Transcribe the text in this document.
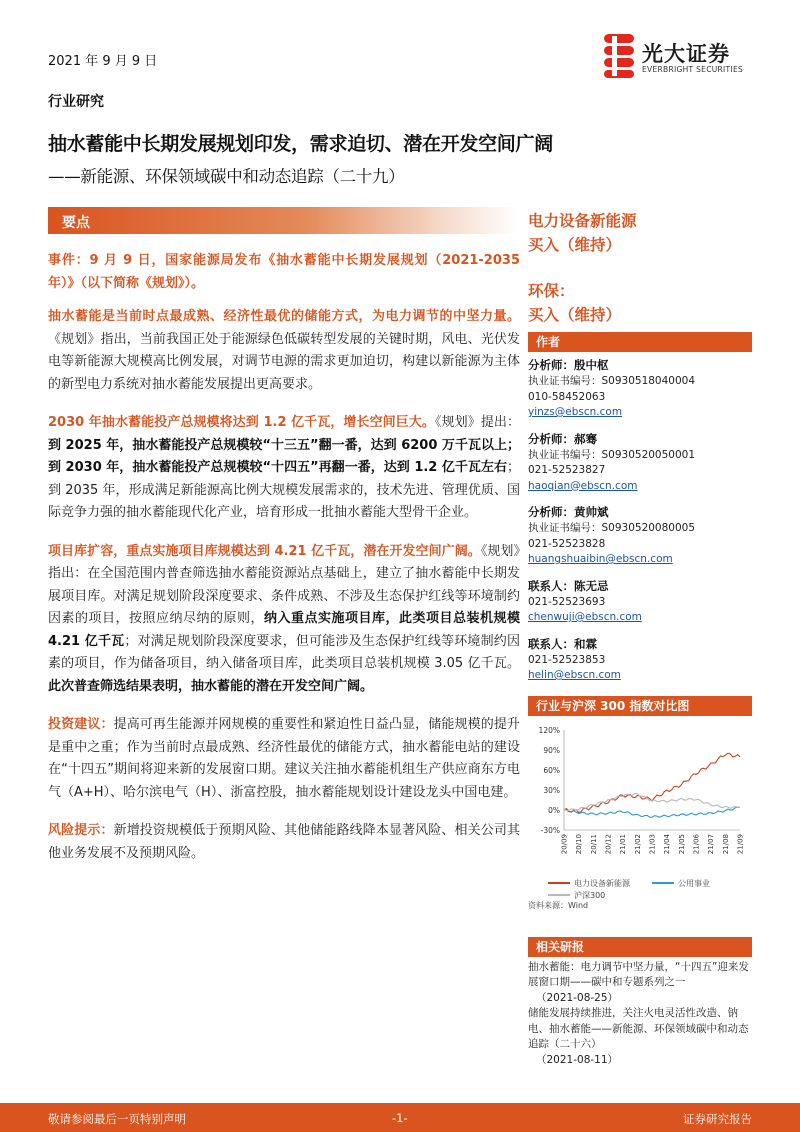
2021 年 9 月 9 日	光大证券
EVERBRIGHT SECURITIES
行业研究
抽水蓄能中长期发展规划印发，需求迫切、潜在开发空间广阔
——新能源、环保领域碳中和动态追踪（二十九）
要点

事件：9 月 9 日，国家能源局发布《抽水蓄能中长期发展规划（2021-2035 年）》（以下简称《规划》）。

抽水蓄能是当前时点最成熟、经济性最优的储能方式，为电力调节的中坚力量。《规划》指出，当前我国正处于能源绿色低碳转型发展的关键时期，风电、光伏发电等新能源大规模高比例发展，对调节电源的需求更加迫切，构建以新能源为主体的新型电力系统对抽水蓄能发展提出更高要求。

2030 年抽水蓄能投产总规模将达到 1.2 亿千瓦，增长空间巨大。《规划》提出：到 2025 年，抽水蓄能投产总规模较“十三五”翻一番，达到 6200 万千瓦以上；到 2030 年，抽水蓄能投产总规模较“十四五”再翻一番，达到 1.2 亿千瓦左右；到 2035 年，形成满足新能源高比例大规模发展需求的，技术先进、管理优质、国际竞争力强的抽水蓄能现代化产业，培育形成一批抽水蓄能大型骨干企业。

项目库扩容，重点实施项目库规模达到 4.21 亿千瓦，潜在开发空间广阔。《规划》指出：在全国范围内普查筛选抽水蓄能资源站点基础上，建立了抽水蓄能中长期发展项目库。对满足规划阶段深度要求、条件成熟、不涉及生态保护红线等环境制约因素的项目，按照应纳尽纳的原则，纳入重点实施项目库，此类项目总装机规模 4.21 亿千瓦；对满足规划阶段深度要求，但可能涉及生态保护红线等环境制约因素的项目，作为储备项目，纳入储备项目库，此类项目总装机规模 3.05 亿千瓦。此次普查筛选结果表明，抽水蓄能的潜在开发空间广阔。

投资建议：提高可再生能源并网规模的重要性和紧迫性日益凸显，储能规模的提升是重中之重；作为当前时点最成熟、经济性最优的储能方式，抽水蓄能电站的建设在“十四五”期间将迎来新的发展窗口期。建议关注抽水蓄能机组生产供应商东方电气（A+H）、哈尔滨电气（H）、浙富控股，抽水蓄能规划设计建设龙头中国电建。

风险提示：新增投资规模低于预期风险、其他储能路线降本显著风险、相关公司其他业务发展不及预期风险。

电力设备新能源
买入（维持）
环保：
买入（维持）
作者
分析师：殷中枢
执业证书编号：S0930518040004
010-58452063
yinzs@ebscn.com
分析师：郝骞
执业证书编号：S0930520050001
021-52523827
haoqian@ebscn.com
分析师：黄帅斌
执业证书编号：S0930520080005
021-52523828
huangshuaibin@ebscn.com
联系人：陈无忌
021-52523693
chenwuji@ebscn.com
联系人：和霖
021-52523853
helin@ebscn.com
行业与沪深 300 指数对比图
120%
90%
60%
30%
0%
-30%
20/09 20/10 20/11 20/12 21/01 21/02 21/03 21/04 21/05 21/06 21/07 21/08 21/09
电力设备新能源	公用事业
沪深300
资料来源：Wind
相关研报
抽水蓄能：电力调节中坚力量，“十四五”迎来发展窗口期——碳中和专题系列之一
（2021-08-25）
储能发展持续推进，关注火电灵活性改造、钠电、抽水蓄能——新能源、环保领域碳中和动态追踪（二十六）
（2021-08-11）
敬请参阅最后一页特别声明	-1-	证券研究报告
